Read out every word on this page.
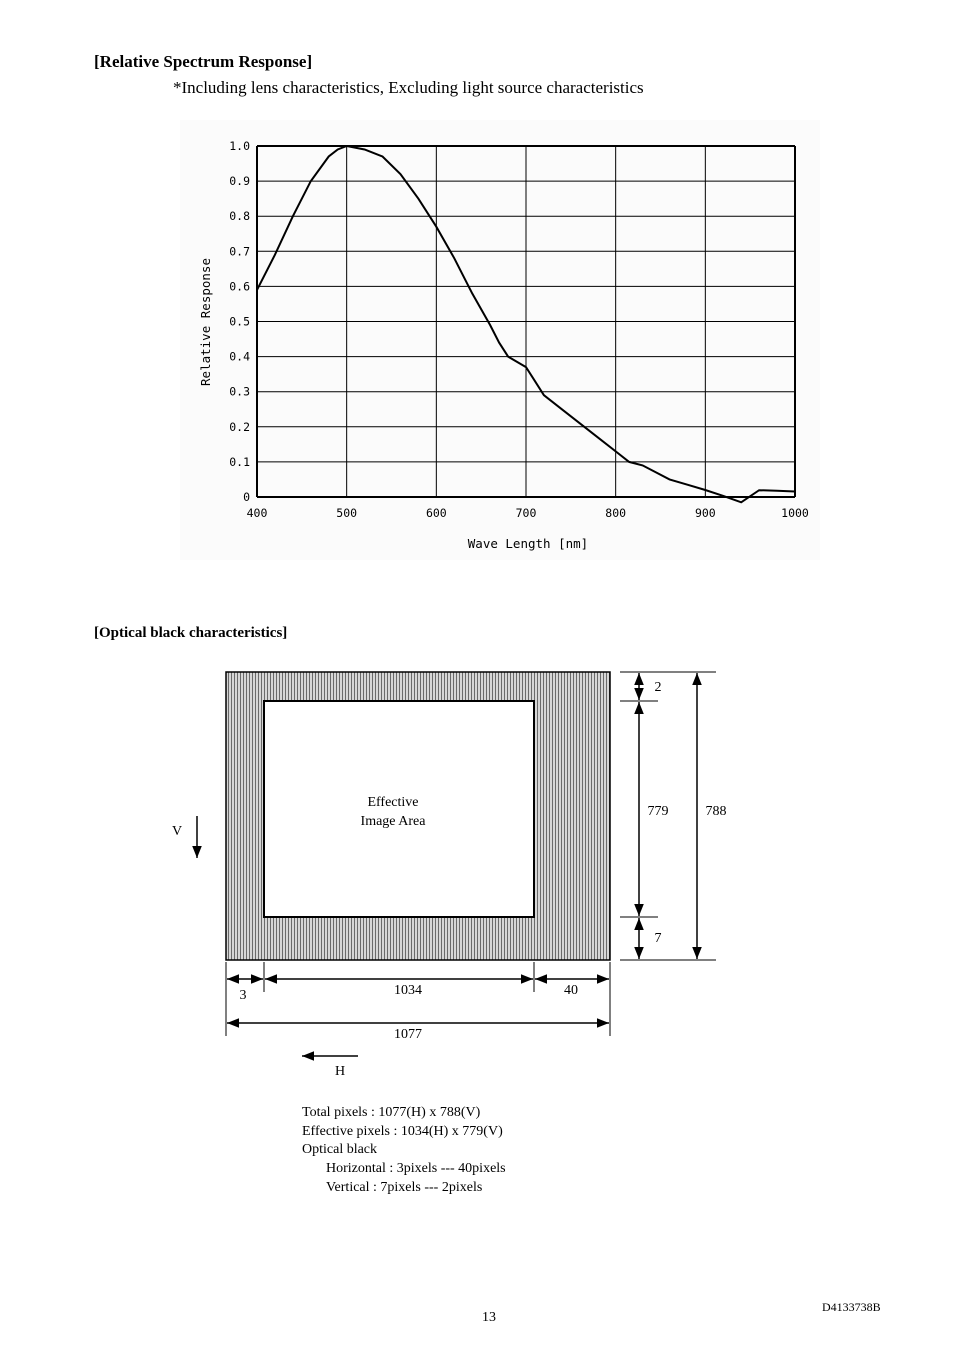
[Relative Spectrum Response]
*Including lens characteristics, Excluding light source characteristics
1.0
0.9
0.8
0.7
0.6
0.5
0.4
0.3
0.2
0.1
0
400	500	600	700	800	900	1000
Relative Response
Wave Length [nm]
[Optical black characteristics]
Effective
Image Area
V
2
779
7
788
3	1034	40
1077
H
Total pixels : 1077(H) x 788(V)
Effective pixels : 1034(H) x 779(V)
Optical black
Horizontal : 3pixels --- 40pixels
Vertical : 7pixels --- 2pixels
13
D4133738B
